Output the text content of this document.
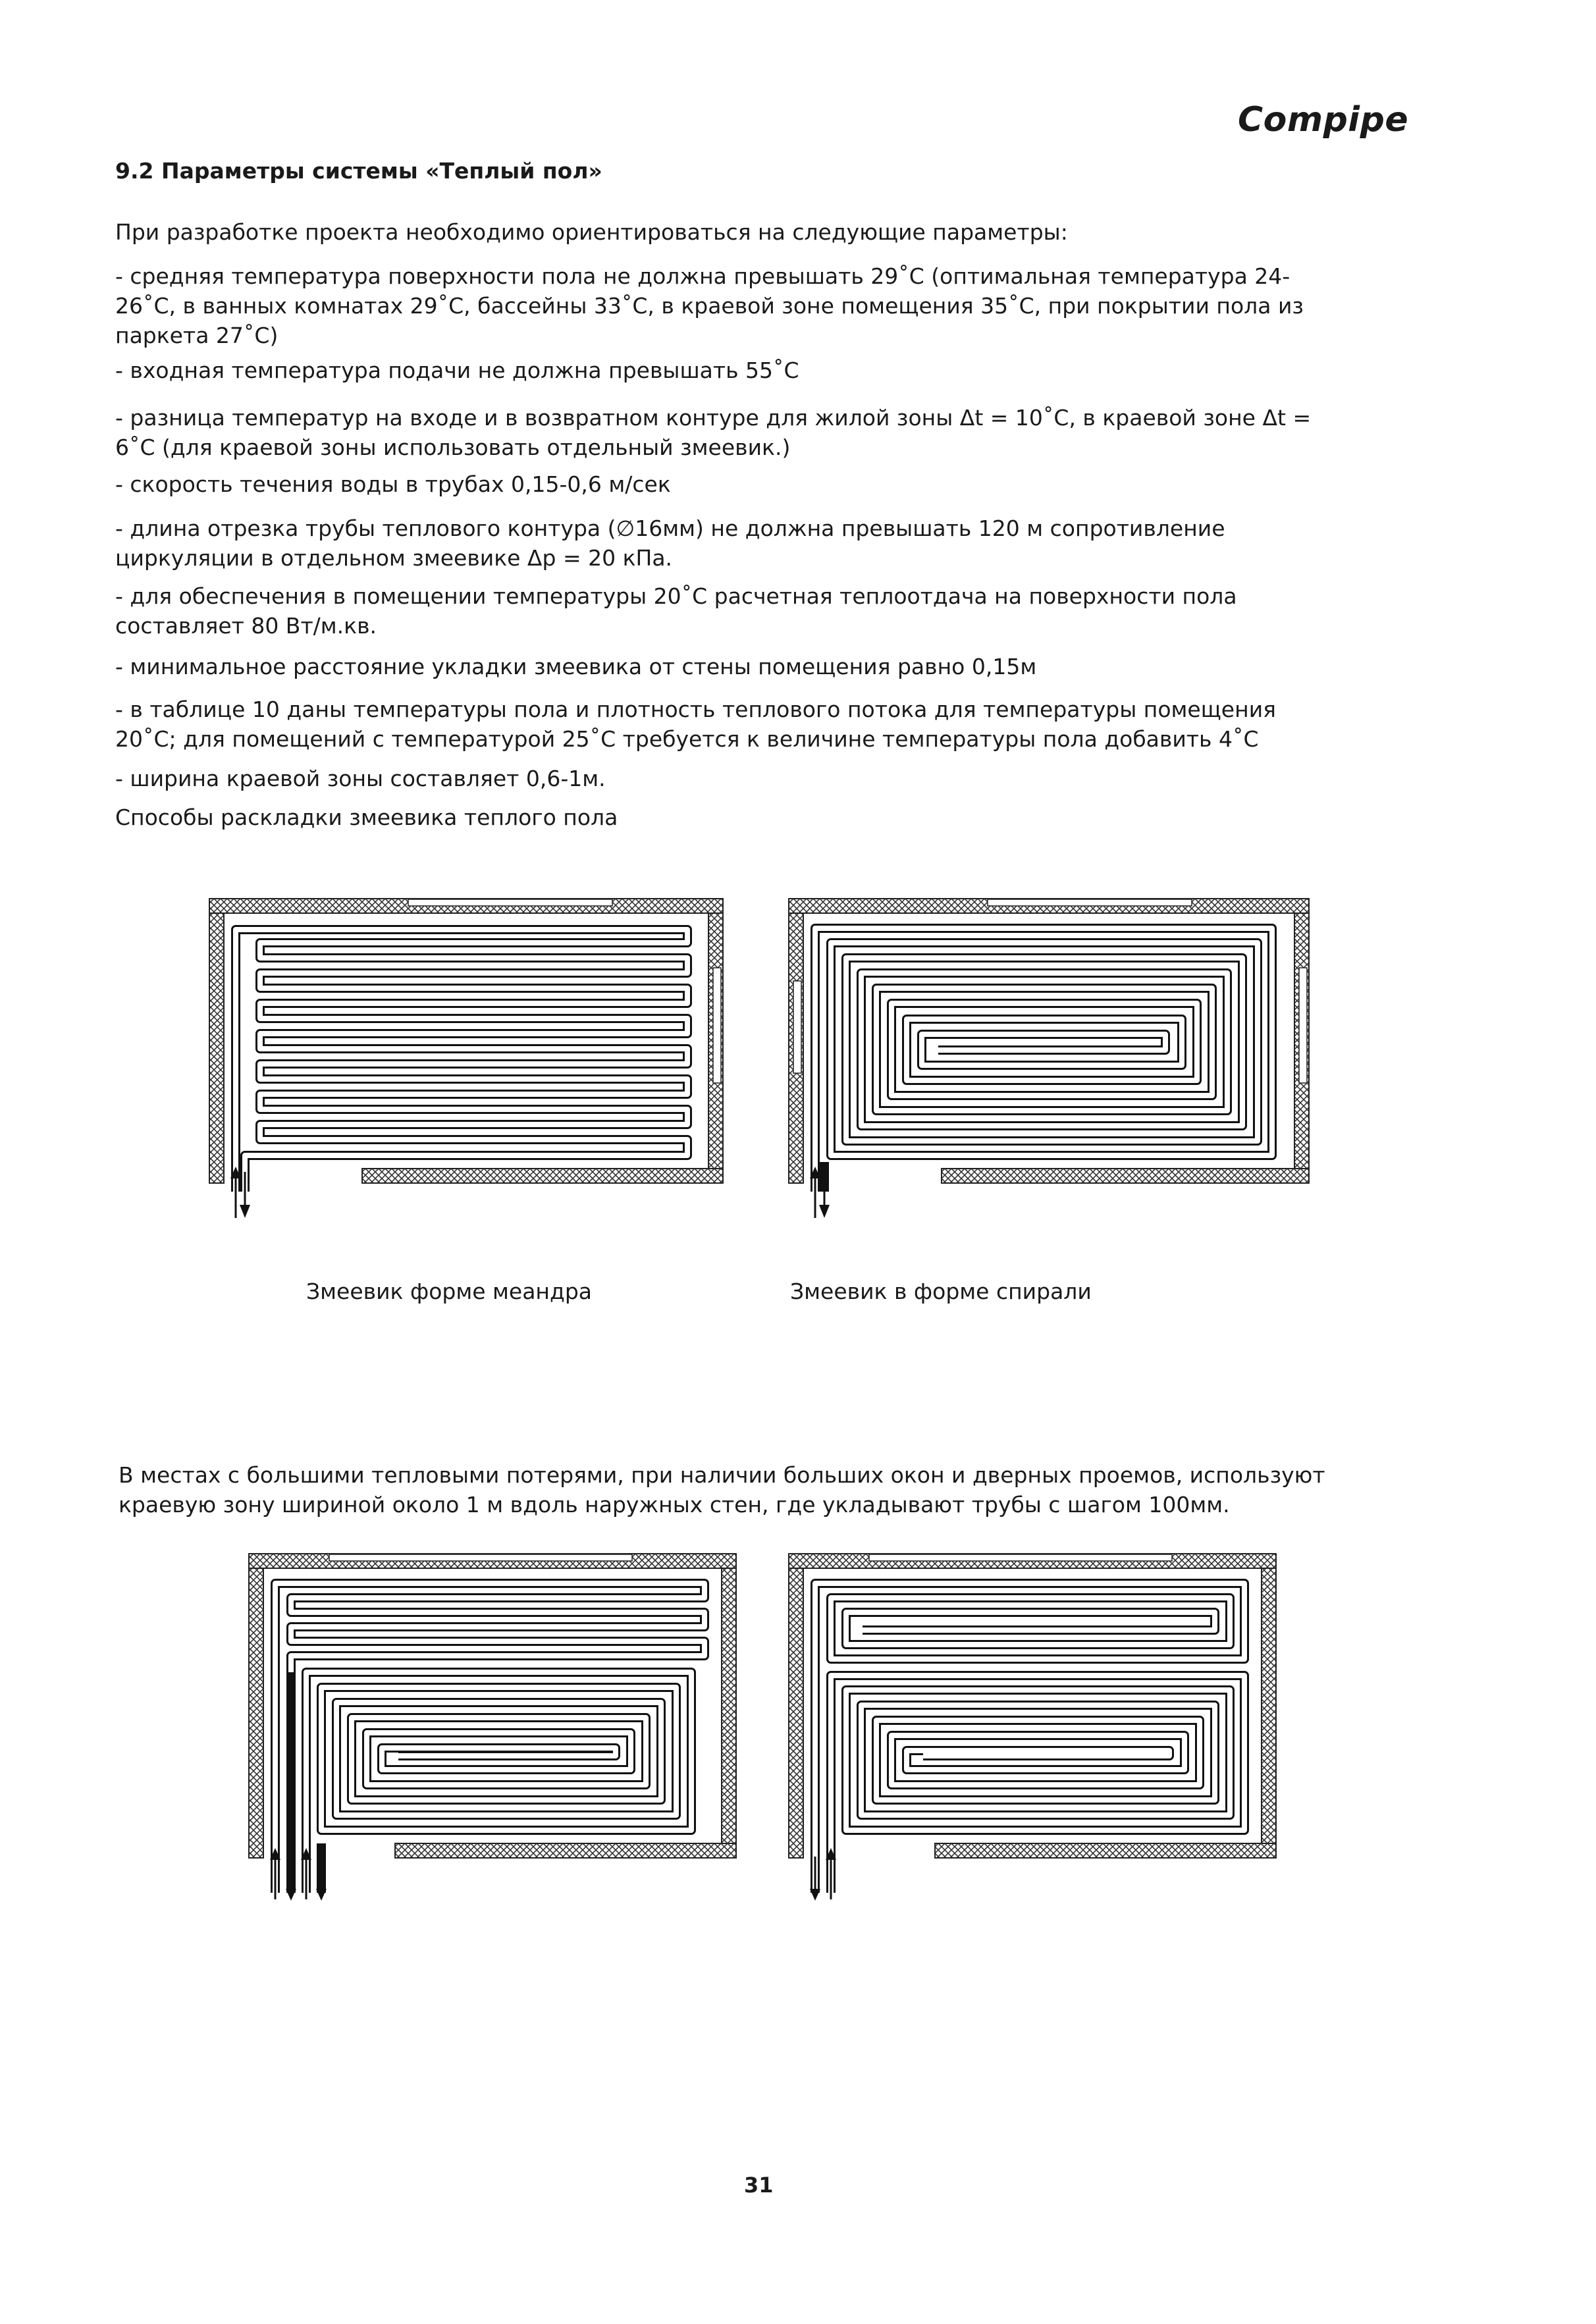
Compipe
9.2 Параметры системы «Теплый пол»
При разработке проекта необходимо ориентироваться на следующие параметры:
- средняя температура поверхности пола не должна превышать 29˚С (оптимальная температура 24-
26˚С, в ванных комнатах 29˚С, бассейны 33˚С, в краевой зоне помещения 35˚С, при покрытии пола из
паркета 27˚С)
- входная температура подачи не должна превышать 55˚С
- разница температур на входе и в возвратном контуре для жилой зоны Δt = 10˚С, в краевой зоне Δt =
6˚С (для краевой зоны использовать отдельный змеевик.)
- скорость течения воды в трубах 0,15-0,6 м/сек
- длина отрезка трубы теплового контура (∅16мм) не должна превышать 120 м сопротивление
циркуляции в отдельном змеевике Δp = 20 кПа.
- для обеспечения в помещении температуры 20˚С расчетная теплоотдача на поверхности пола
составляет 80 Вт/м.кв.
- минимальное расстояние укладки змеевика от стены помещения равно 0,15м
- в таблице 10 даны температуры пола и плотность теплового потока для температуры помещения
20˚С; для помещений с температурой 25˚С требуется к величине температуры пола добавить 4˚С
- ширина краевой зоны составляет 0,6-1м.
Способы раскладки змеевика теплого пола
Змеевик форме меандра	Змеевик в форме спирали
В местах с большими тепловыми потерями, при наличии больших окон и дверных проемов, используют
краевую зону шириной около 1 м вдоль наружных стен, где укладывают трубы с шагом 100мм.
31
